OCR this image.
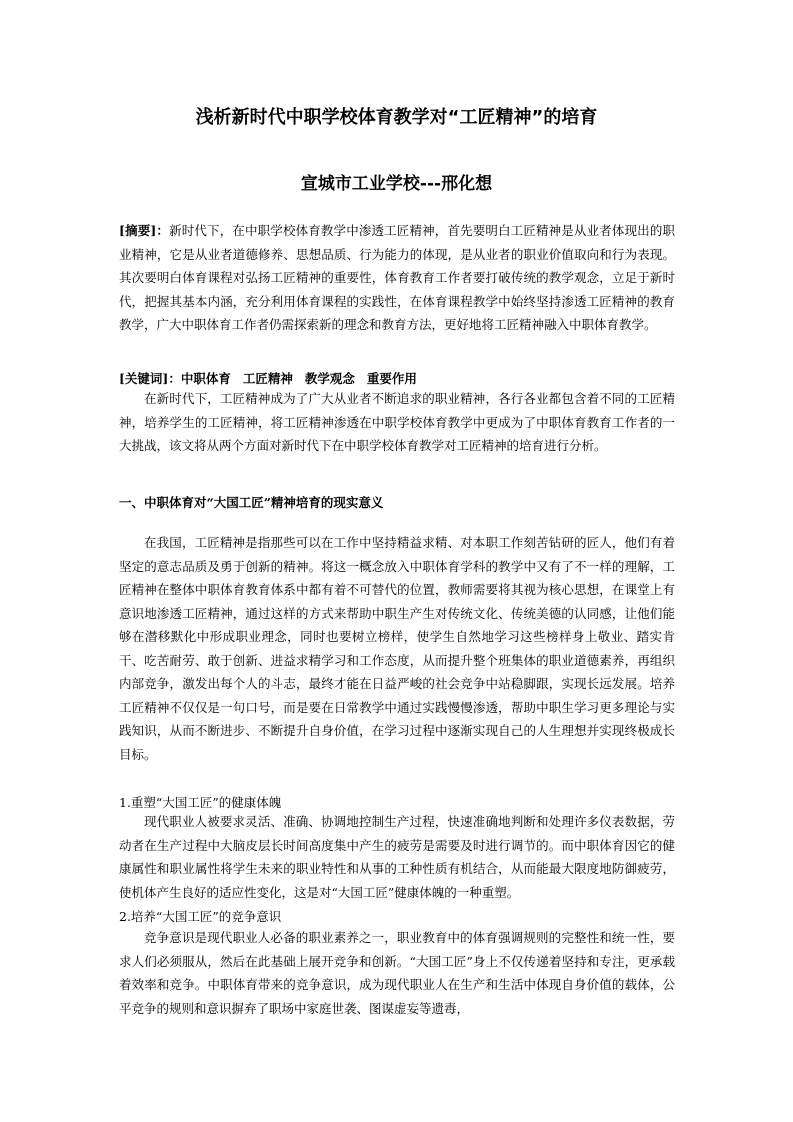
浅析新时代中职学校体育教学对“工匠精神”的培育
宣城市工业学校---邢化想

[摘要]：新时代下，在中职学校体育教学中渗透工匠精神，首先要明白工匠精神是从业者体现出的职业精神，它是从业者道德修养、思想品质、行为能力的体现，是从业者的职业价值取向和行为表现。其次要明白体育课程对弘扬工匠精神的重要性，体育教育工作者要打破传统的教学观念，立足于新时代，把握其基本内涵，充分利用体育课程的实践性，在体育课程教学中始终坚持渗透工匠精神的教育教学，广大中职体育工作者仍需探索新的理念和教育方法，更好地将工匠精神融入中职体育教学。

[关键词]：中职体育 工匠精神 教学观念 重要作用

在新时代下，工匠精神成为了广大从业者不断追求的职业精神，各行各业都包含着不同的工匠精神，培养学生的工匠精神，将工匠精神渗透在中职学校体育教学中更成为了中职体育教育工作者的一大挑战，该文将从两个方面对新时代下在中职学校体育教学对工匠精神的培育进行分析。

一、中职体育对“大国工匠”精神培育的现实意义

在我国，工匠精神是指那些可以在工作中坚持精益求精、对本职工作刻苦钻研的匠人，他们有着坚定的意志品质及勇于创新的精神。将这一概念放入中职体育学科的教学中又有了不一样的理解，工匠精神在整体中职体育教育体系中都有着不可替代的位置，教师需要将其视为核心思想，在课堂上有意识地渗透工匠精神，通过这样的方式来帮助中职生产生对传统文化、传统美德的认同感，让他们能够在潜移默化中形成职业理念，同时也要树立榜样，使学生自然地学习这些榜样身上敬业、踏实肯干、吃苦耐劳、敢于创新、进益求精学习和工作态度，从而提升整个班集体的职业道德素养，再组织内部竞争，激发出每个人的斗志，最终才能在日益严峻的社会竞争中站稳脚跟，实现长远发展。培养工匠精神不仅仅是一句口号，而是要在日常教学中通过实践慢慢渗透，帮助中职生学习更多理论与实践知识，从而不断进步、不断提升自身价值，在学习过程中逐渐实现自己的人生理想并实现终极成长目标。

1.重塑“大国工匠”的健康体魄

现代职业人被要求灵活、准确、协调地控制生产过程，快速准确地判断和处理许多仪表数据，劳动者在生产过程中大脑皮层长时间高度集中产生的疲劳是需要及时进行调节的。而中职体育因它的健康属性和职业属性将学生未来的职业特性和从事的工种性质有机结合，从而能最大限度地防御疲劳，使机体产生良好的适应性变化，这是对“大国工匠”健康体魄的一种重塑。

2.培养“大国工匠”的竞争意识

竞争意识是现代职业人必备的职业素养之一，职业教育中的体育强调规则的完整性和统一性，要求人们必须服从，然后在此基础上展开竞争和创新。“大国工匠”身上不仅传递着坚持和专注，更承载着效率和竞争。中职体育带来的竞争意识，成为现代职业人在生产和生活中体现自身价值的载体，公平竞争的规则和意识摒弃了职场中家庭世袭、图谋虚妄等遗毒，
